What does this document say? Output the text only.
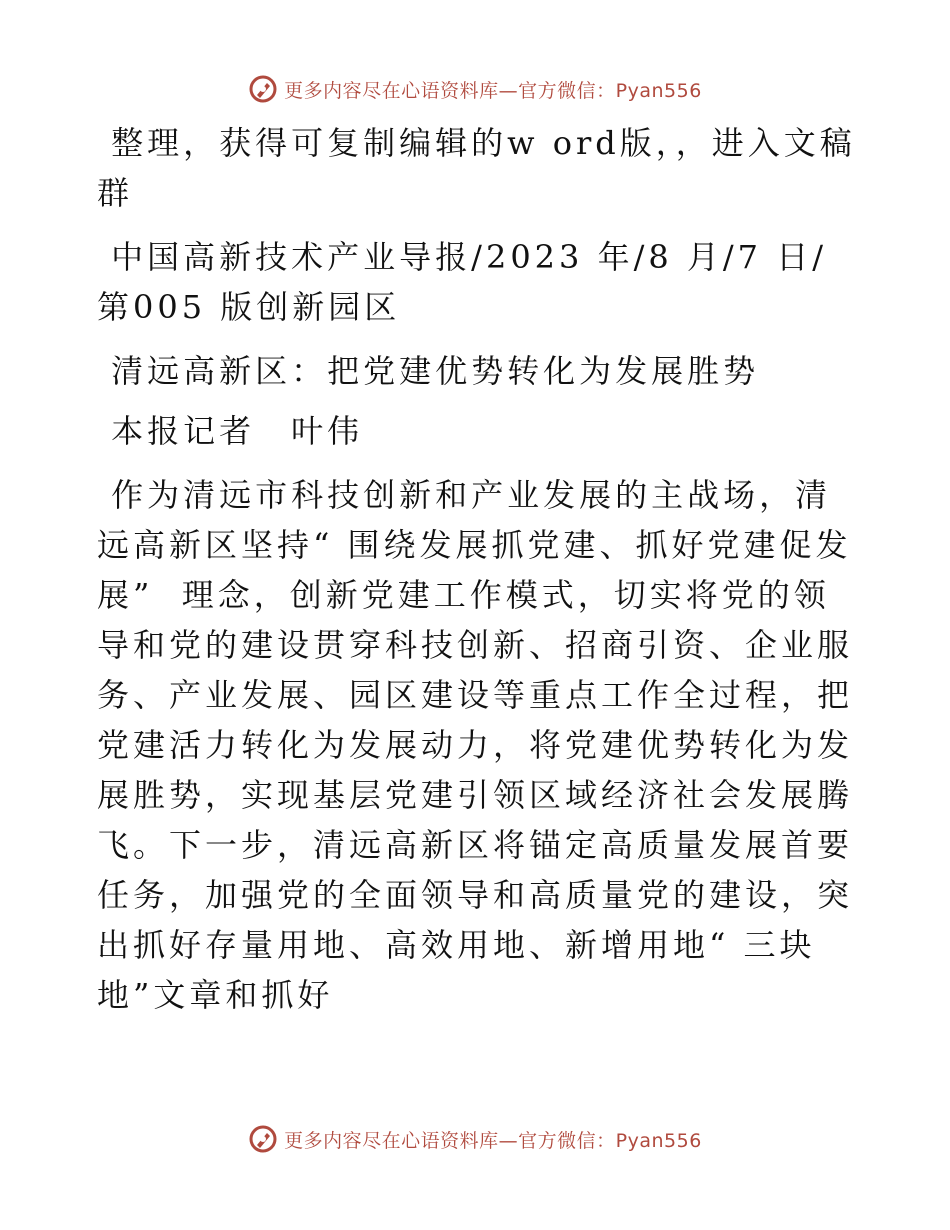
更多内容尽在心语资料库—官方微信：Pyan556

整理，获得可复制编辑的w ord版，，进入文稿群

中国高新技术产业导报/2023 年/8 月/7 日/第005 版创新园区

清远高新区：把党建优势转化为发展胜势

本报记者　叶伟

作为清远市科技创新和产业发展的主战场，清远高新区坚持“ 围绕发展抓党建、抓好党建促发展”  理念，创新党建工作模式，切实将党的领导和党的建设贯穿科技创新、招商引资、企业服务、产业发展、园区建设等重点工作全过程，把党建活力转化为发展动力，将党建优势转化为发展胜势，实现基层党建引领区域经济社会发展腾飞。下一步，清远高新区将锚定高质量发展首要任务，加强党的全面领导和高质量党的建设，突出抓好存量用地、高效用地、新增用地“ 三块地”文章和抓好

更多内容尽在心语资料库—官方微信：Pyan556
